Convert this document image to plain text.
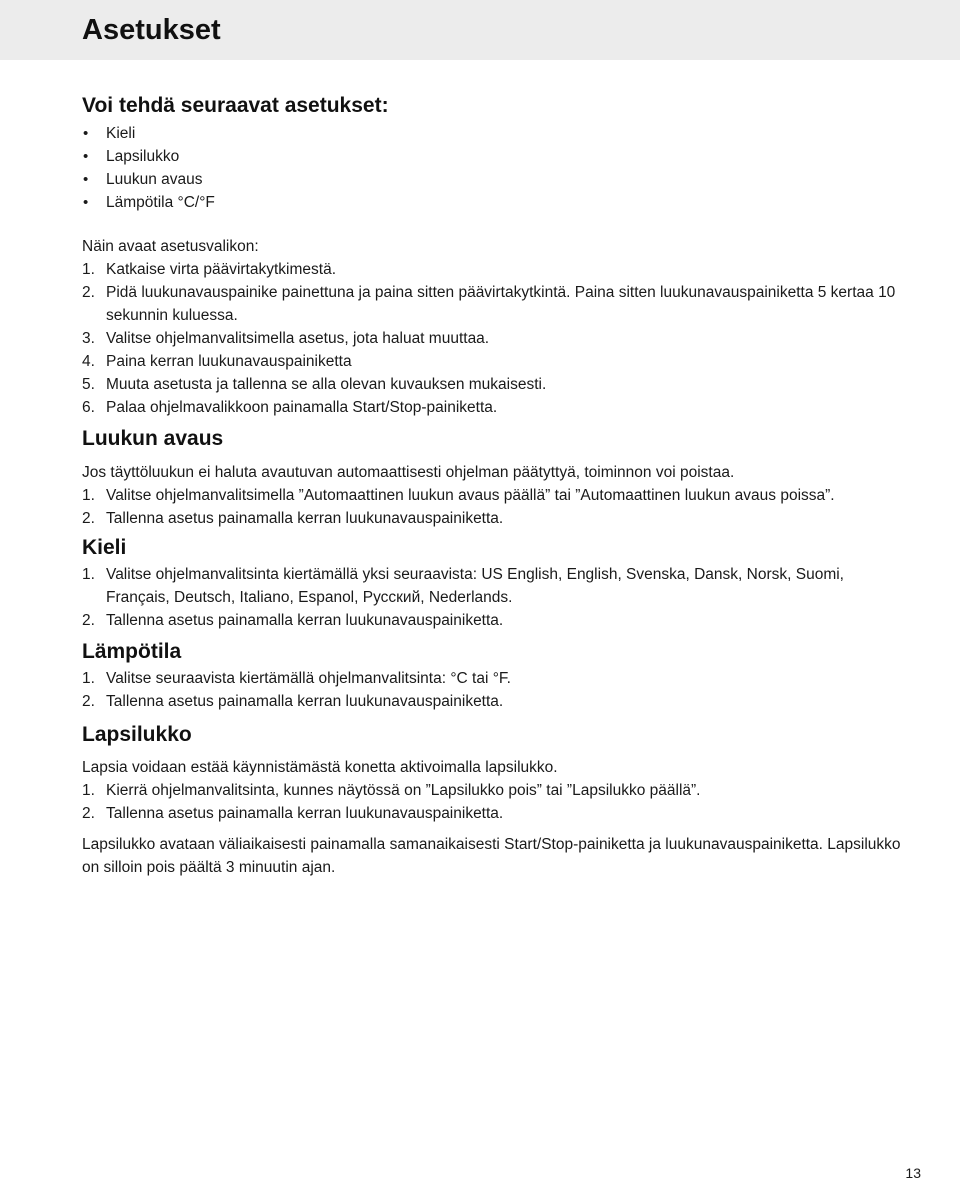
Asetukset
Voi tehdä seuraavat asetukset:
• Kieli
• Lapsilukko
• Luukun avaus
• Lämpötila °C/°F

Näin avaat asetusvalikon:

1. Katkaise virta päävirtakytkimestä.
2. Pidä luukunavauspainike painettuna ja paina sitten päävirtakytkintä. Paina sitten luukunavauspainiketta 5 kertaa 10 sekunnin kuluessa.
3. Valitse ohjelmanvalitsimella asetus, jota haluat muuttaa.
4. Paina kerran luukunavauspainiketta
5. Muuta asetusta ja tallenna se alla olevan kuvauksen mukaisesti.
6. Palaa ohjelmavalikkoon painamalla Start/Stop-painiketta.
Luukun avaus

Jos täyttöluukun ei haluta avautuvan automaattisesti ohjelman päätyttyä, toiminnon voi poistaa.

1. Valitse ohjelmanvalitsimella ”Automaattinen luukun avaus päällä” tai ”Automaattinen luukun avaus poissa”.
2. Tallenna asetus painamalla kerran luukunavauspainiketta.
Kieli
1. Valitse ohjelmanvalitsinta kiertämällä yksi seuraavista: US English, English, Svenska, Dansk, Norsk, Suomi, Français, Deutsch, Italiano, Espanol, Русский, Nederlands.
2. Tallenna asetus painamalla kerran luukunavauspainiketta.
Lämpötila
1. Valitse seuraavista kiertämällä ohjelmanvalitsinta: °C tai °F.
2. Tallenna asetus painamalla kerran luukunavauspainiketta.
Lapsilukko

Lapsia voidaan estää käynnistämästä konetta aktivoimalla lapsilukko.

1. Kierrä ohjelmanvalitsinta, kunnes näytössä on ”Lapsilukko pois” tai ”Lapsilukko päällä”.
2. Tallenna asetus painamalla kerran luukunavauspainiketta.

Lapsilukko avataan väliaikaisesti painamalla samanaikaisesti Start/Stop-painiketta ja luukunavauspainiketta. Lapsilukko on silloin pois päältä 3 minuutin ajan.

13
